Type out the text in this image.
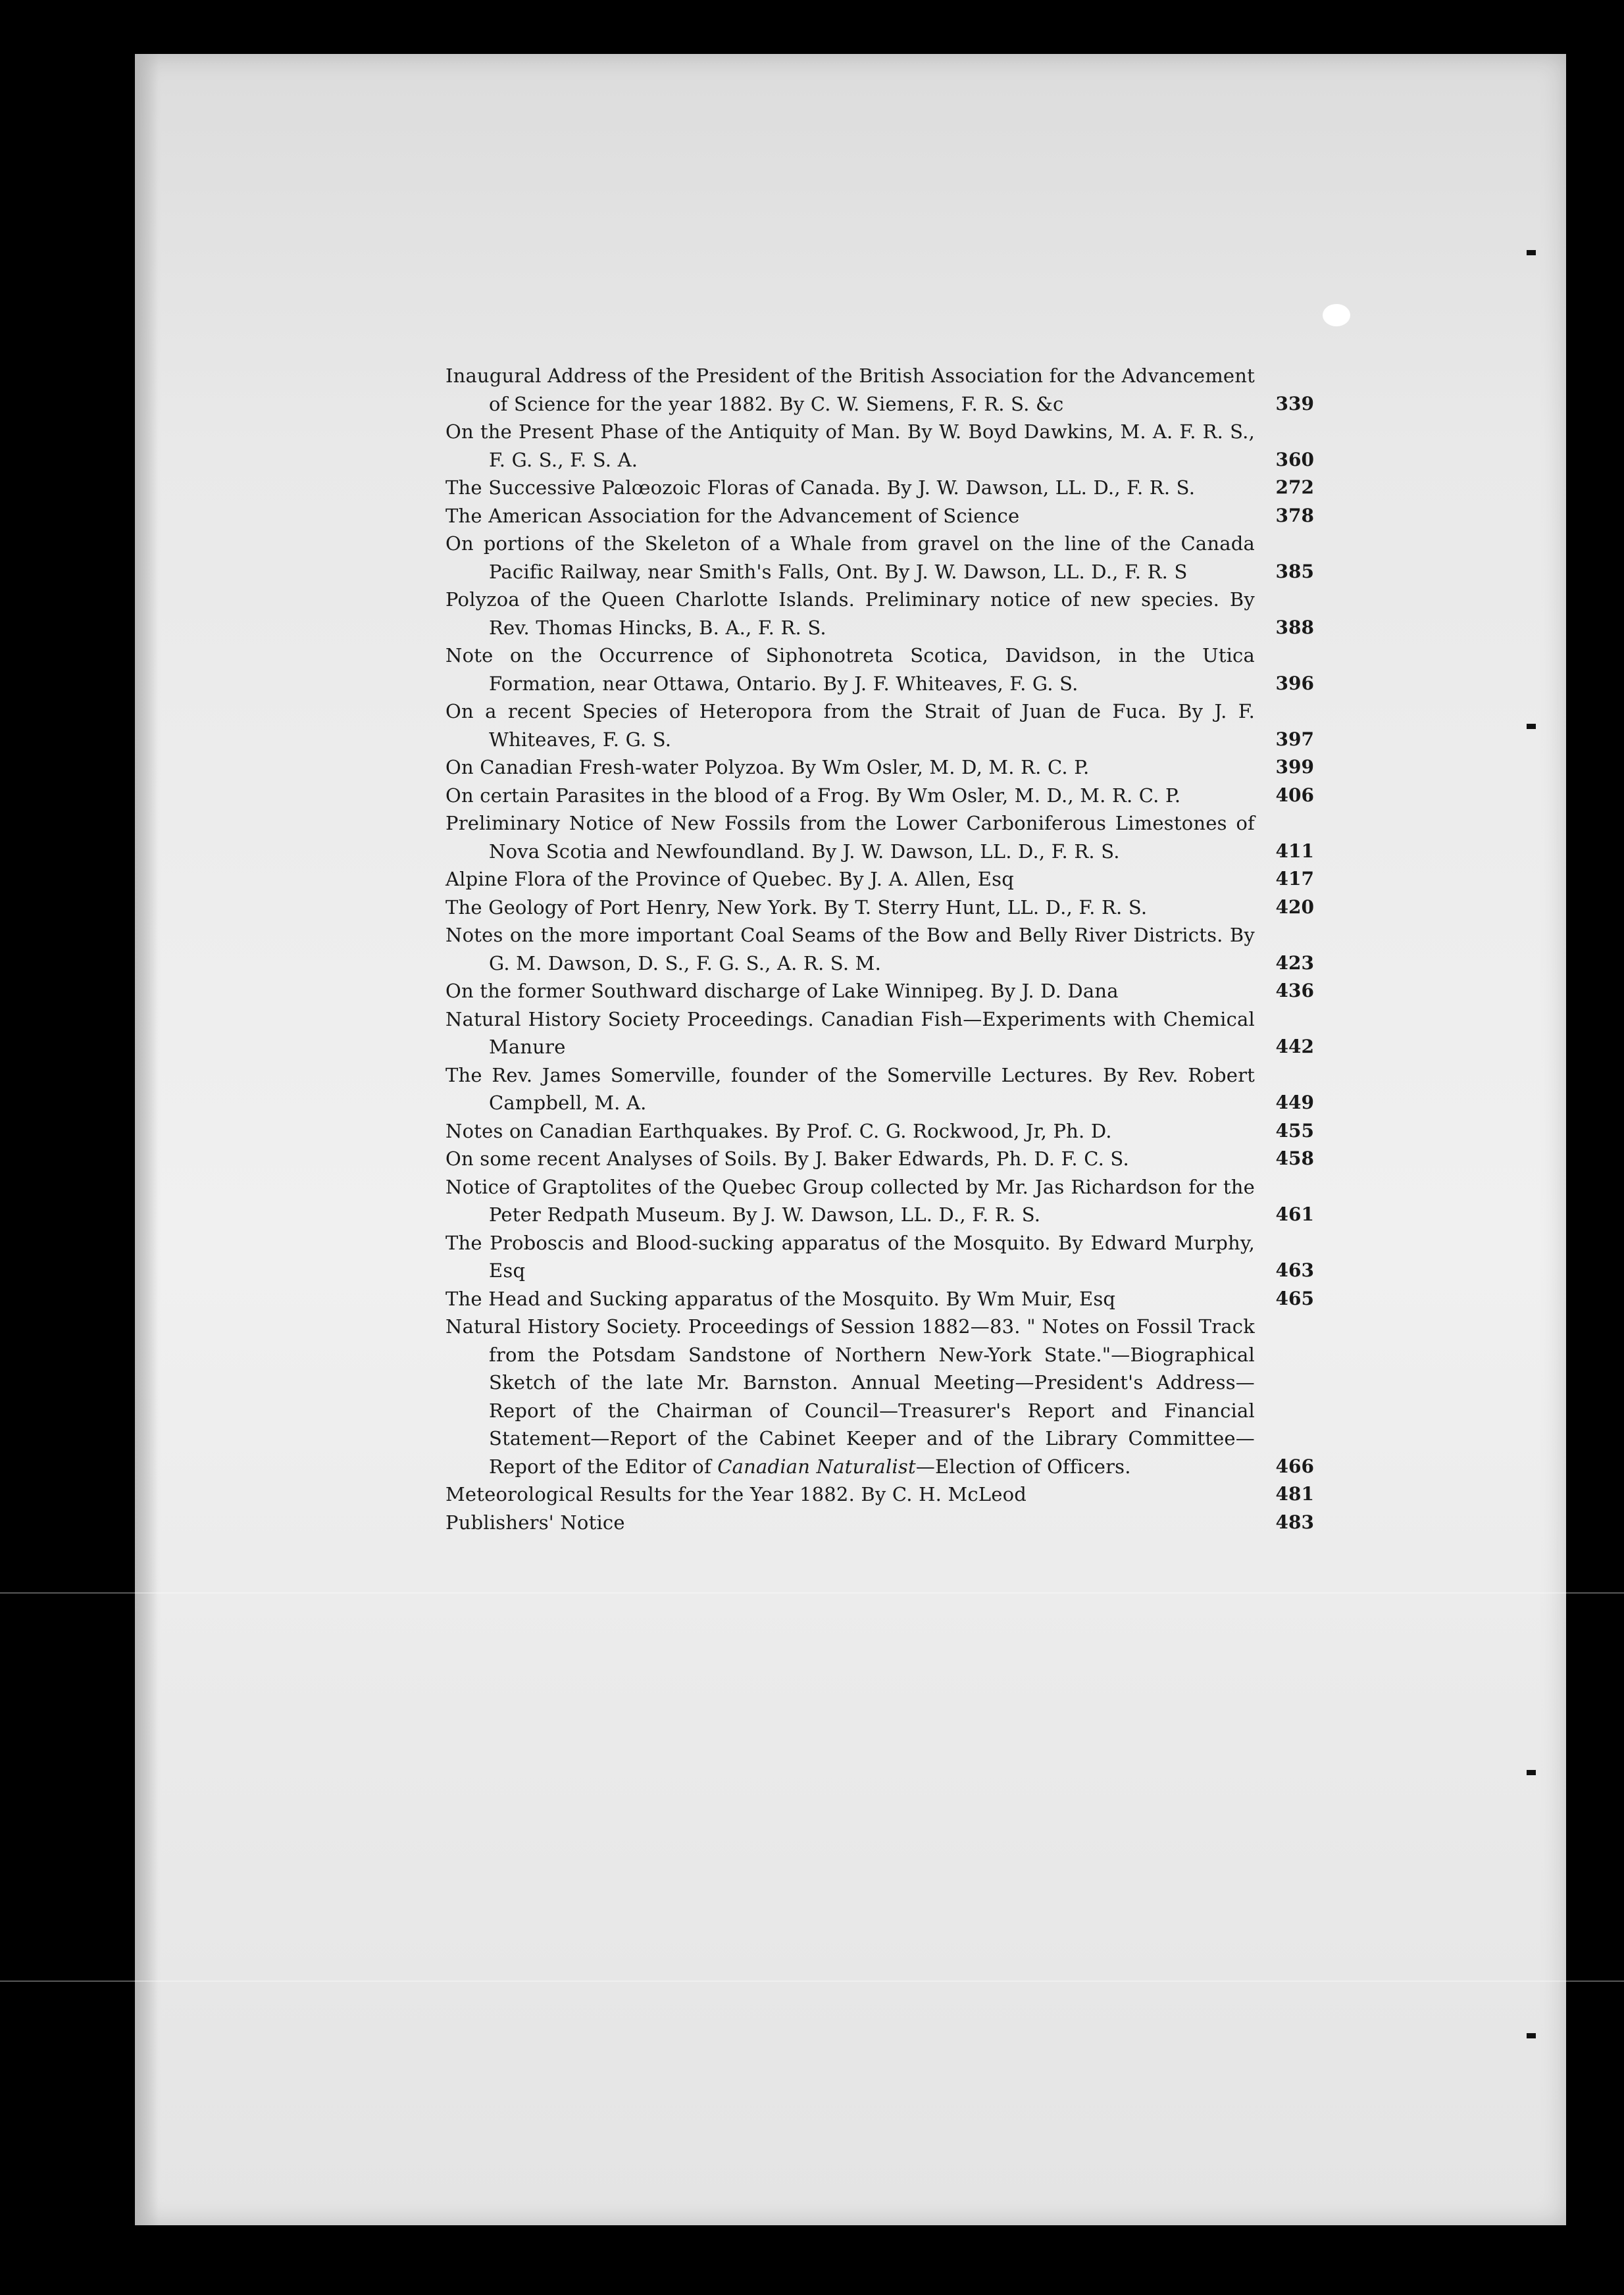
Inaugural Address of the President of the British Association for the Advancement of Science for the year 1882. By C. W. Siemens, F. R. S. &c	339
On the Present Phase of the Antiquity of Man. By W. Boyd Dawkins, M. A. F. R. S., F. G. S., F. S. A.	360
The Successive Palœozoic Floras of Canada. By J. W. Dawson, LL. D., F. R. S.	272
The American Association for the Advancement of Science	378
On portions of the Skeleton of a Whale from gravel on the line of the Canada Pacific Railway, near Smith's Falls, Ont. By J. W. Dawson, LL. D., F. R. S	385
Polyzoa of the Queen Charlotte Islands. Preliminary notice of new species. By Rev. Thomas Hincks, B. A., F. R. S.	388
Note on the Occurrence of Siphonotreta Scotica, Davidson, in the Utica Formation, near Ottawa, Ontario. By J. F. Whiteaves, F. G. S.	396
On a recent Species of Heteropora from the Strait of Juan de Fuca. By J. F. Whiteaves, F. G. S.	397
On Canadian Fresh-water Polyzoa. By Wm Osler, M. D, M. R. C. P.	399
On certain Parasites in the blood of a Frog. By Wm Osler, M. D., M. R. C. P.	406
Preliminary Notice of New Fossils from the Lower Carboniferous Limestones of Nova Scotia and Newfoundland. By J. W. Dawson, LL. D., F. R. S.	411
Alpine Flora of the Province of Quebec. By J. A. Allen, Esq	417
The Geology of Port Henry, New York. By T. Sterry Hunt, LL. D., F. R. S.	420
Notes on the more important Coal Seams of the Bow and Belly River Districts. By G. M. Dawson, D. S., F. G. S., A. R. S. M.	423
On the former Southward discharge of Lake Winnipeg. By J. D. Dana	436
Natural History Society Proceedings. Canadian Fish—Experiments with Chemical Manure	442
The Rev. James Somerville, founder of the Somerville Lectures. By Rev. Robert Campbell, M. A.	449
Notes on Canadian Earthquakes. By Prof. C. G. Rockwood, Jr, Ph. D.	455
On some recent Analyses of Soils. By J. Baker Edwards, Ph. D. F. C. S.	458
Notice of Graptolites of the Quebec Group collected by Mr. Jas Richardson for the Peter Redpath Museum. By J. W. Dawson, LL. D., F. R. S.	461
The Proboscis and Blood-sucking apparatus of the Mosquito. By Edward Murphy, Esq	463
The Head and Sucking apparatus of the Mosquito. By Wm Muir, Esq	465
Natural History Society. Proceedings of Session 1882—83. " Notes on Fossil Track from the Potsdam Sandstone of Northern New-York State."—Biographical Sketch of the late Mr. Barnston. Annual Meeting—President's Address—Report of the Chairman of Council—Treasurer's Report and Financial Statement—Report of the Cabinet Keeper and of the Library Committee—Report of the Editor of Canadian Naturalist—Election of Officers.	466
Meteorological Results for the Year 1882. By C. H. McLeod	481
Publishers' Notice	483
